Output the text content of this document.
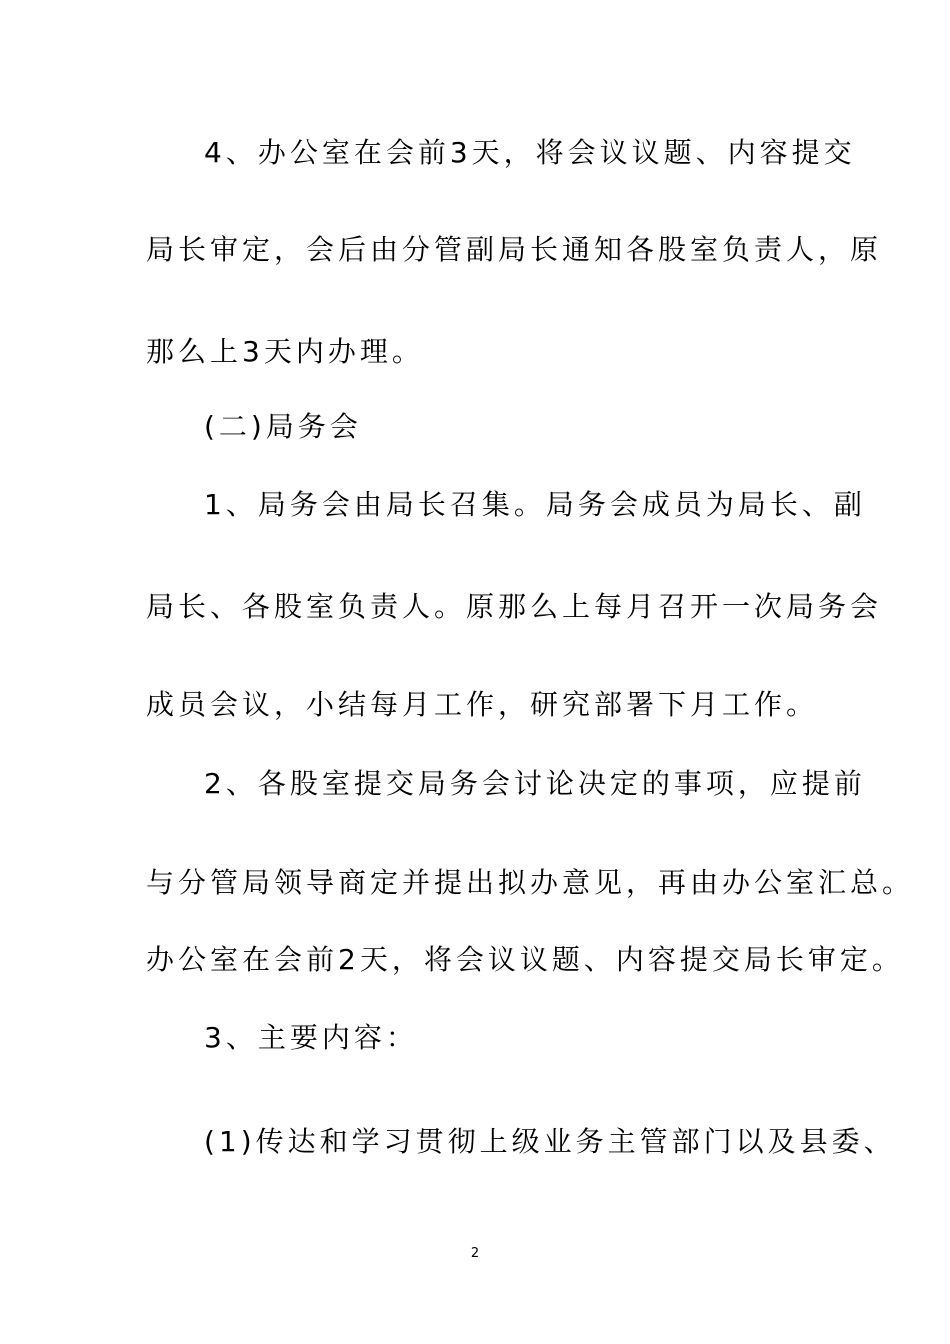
4、办公室在会前3天，将会议议题、内容提交
局长审定，会后由分管副局长通知各股室负责人，原
那么上3天内办理。
(二)局务会
1、局务会由局长召集。局务会成员为局长、副
局长、各股室负责人。原那么上每月召开一次局务会
成员会议，小结每月工作，研究部署下月工作。
2、各股室提交局务会讨论决定的事项，应提前
与分管局领导商定并提出拟办意见，再由办公室汇总。
办公室在会前2天，将会议议题、内容提交局长审定。
3、主要内容：
(1)传达和学习贯彻上级业务主管部门以及县委、
2
